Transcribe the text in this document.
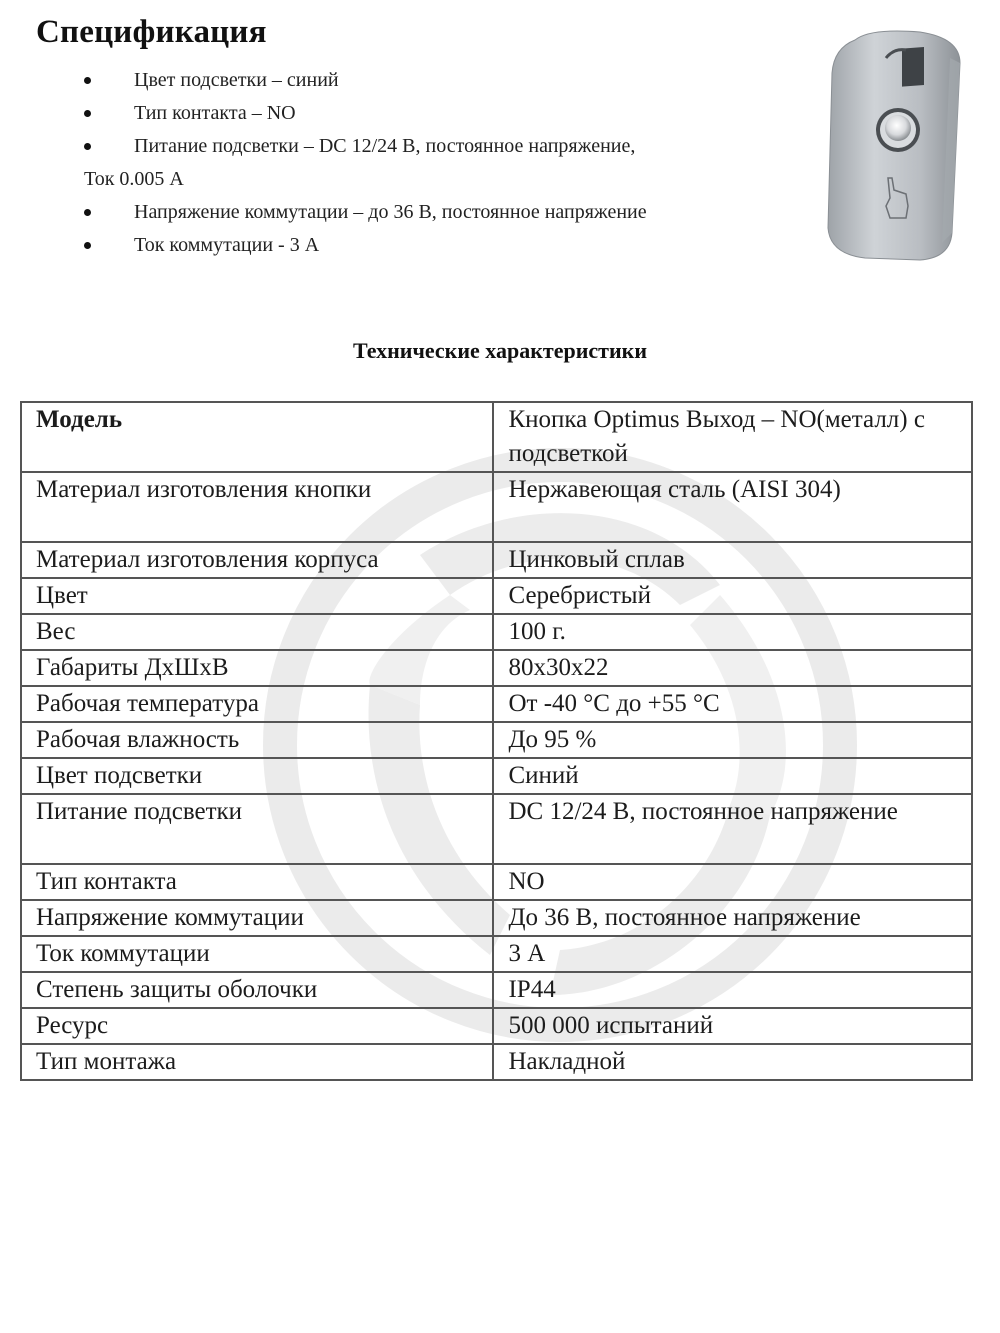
Спецификация
Цвет подсветки – синий
Тип контакта – NO
Питание подсветки – DC 12/24 В, постоянное напряжение,
Ток 0.005 А
Напряжение коммутации – до 36 В, постоянное напряжение
Ток коммутации - 3 А
Технические характеристики
Модель	Кнопка Optimus Выход – NO(металл) с подсветкой
Материал изготовления кнопки	Нержавеющая сталь (AISI 304)
Материал изготовления корпуса	Цинковый сплав
Цвет	Серебристый
Вес	100 г.
Габариты ДхШхВ	80x30x22
Рабочая температура	От -40 °С до +55 °С
Рабочая влажность	До 95 %
Цвет подсветки	Синий
Питание подсветки	DC 12/24 В, постоянное напряжение
Тип контакта	NO
Напряжение коммутации	До 36 В, постоянное напряжение
Ток коммутации	3 А
Степень защиты оболочки	IP44
Ресурс	500 000 испытаний
Тип монтажа	Накладной
